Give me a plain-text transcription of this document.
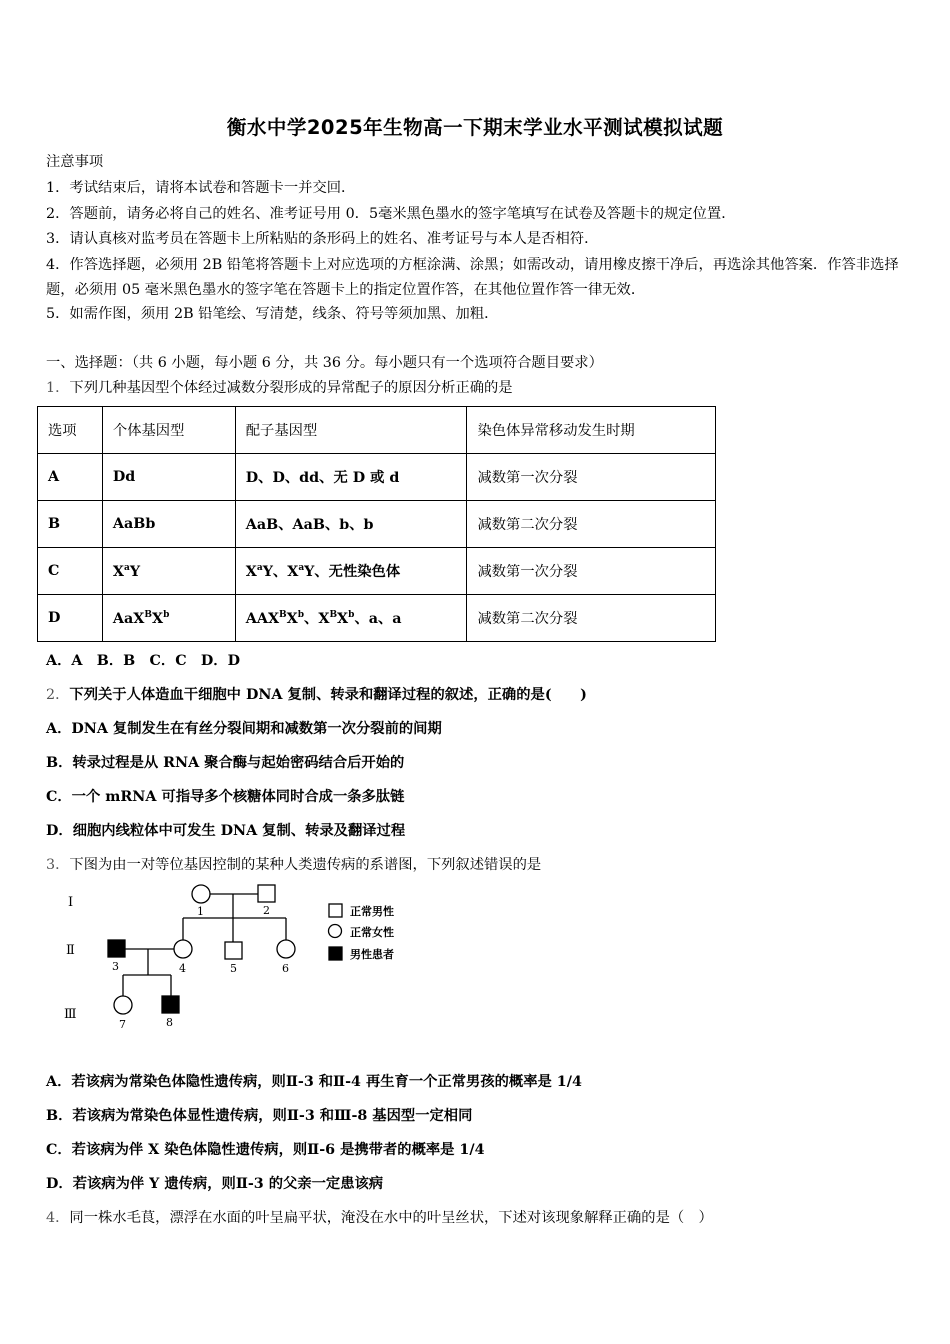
衡水中学2025年生物高一下期末学业水平测试模拟试题
注意事项
1．考试结束后，请将本试卷和答题卡一并交回．
2．答题前，请务必将自己的姓名、准考证号用 0．5毫米黑色墨水的签字笔填写在试卷及答题卡的规定位置．
3．请认真核对监考员在答题卡上所粘贴的条形码上的姓名、准考证号与本人是否相符．
4．作答选择题，必须用 2B 铅笔将答题卡上对应选项的方框涂满、涂黑；如需改动，请用橡皮擦干净后，再选涂其他答案．作答非选择题，必须用 05 毫米黑色墨水的签字笔在答题卡上的指定位置作答，在其他位置作答一律无效．
5．如需作图，须用 2B 铅笔绘、写清楚，线条、符号等须加黑、加粗．
一、选择题：（共 6 小题，每小题 6 分，共 36 分。每小题只有一个选项符合题目要求）
1．下列几种基因型个体经过减数分裂形成的异常配子的原因分析正确的是
选项	个体基因型	配子基因型	染色体异常移动发生时期
A	Dd	D、D、dd、无 D 或 d	减数第一次分裂
B	AaBb	AaB、AaB、b、b	减数第二次分裂
C	$X^aY$	$X^aY$、$X^aY$、无性染色体	减数第一次分裂
D	$AaX^BX^b$	$AAX^BX^b$、$X^BX^b$、a、a	减数第二次分裂
A．A　B．B　C．C　D．D
2．下列关于人体造血干细胞中 DNA 复制、转录和翻译过程的叙述，正确的是(　　)
A．DNA 复制发生在有丝分裂间期和减数第一次分裂前的间期
B．转录过程是从 RNA 聚合酶与起始密码结合后开始的
C．一个 mRNA 可指导多个核糖体同时合成一条多肽链
D．细胞内线粒体中可发生 DNA 复制、转录及翻译过程
3．下图为由一对等位基因控制的某种人类遗传病的系谱图，下列叙述错误的是
Ⅰ
Ⅱ
Ⅲ
1	2
3	4	5	6
7	8
正常男性
正常女性
男性患者
A．若该病为常染色体隐性遗传病，则Ⅱ-3 和Ⅱ-4 再生育一个正常男孩的概率是 1/4
B．若该病为常染色体显性遗传病，则Ⅱ-3 和Ⅲ-8 基因型一定相同
C．若该病为伴 X 染色体隐性遗传病，则Ⅱ-6 是携带者的概率是 1/4
D．若该病为伴 Y 遗传病，则Ⅱ-3 的父亲一定患该病
4．同一株水毛茛，漂浮在水面的叶呈扁平状，淹没在水中的叶呈丝状，下述对该现象解释正确的是（　）
